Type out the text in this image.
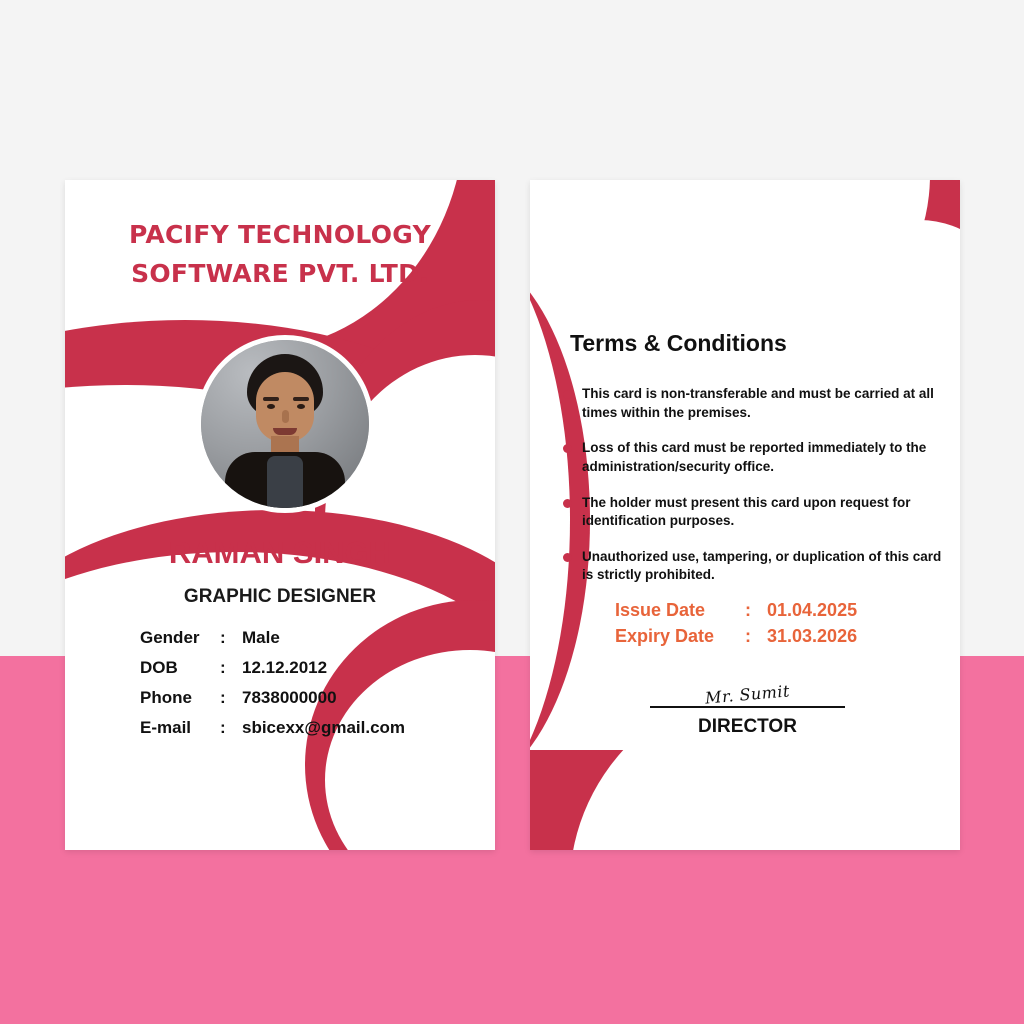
PACIFY TECHNOLOGY
SOFTWARE PVT. LTD.
RAMAN SINGH
GRAPHIC DESIGNER
Gender	: Male
DOB	: 12.12.2012
Phone	: 7838000000
E-mail	: sbicexx@gmail.com
Terms & Conditions
This card is non-transferable and must be carried at all times within the premises.
Loss of this card must be reported immediately to the administration/security office.
The holder must present this card upon request for identification purposes.
Unauthorized use, tampering, or duplication of this card is strictly prohibited.
Issue Date	: 01.04.2025
Expiry Date	: 31.03.2026
Mr. Sumit
DIRECTOR
